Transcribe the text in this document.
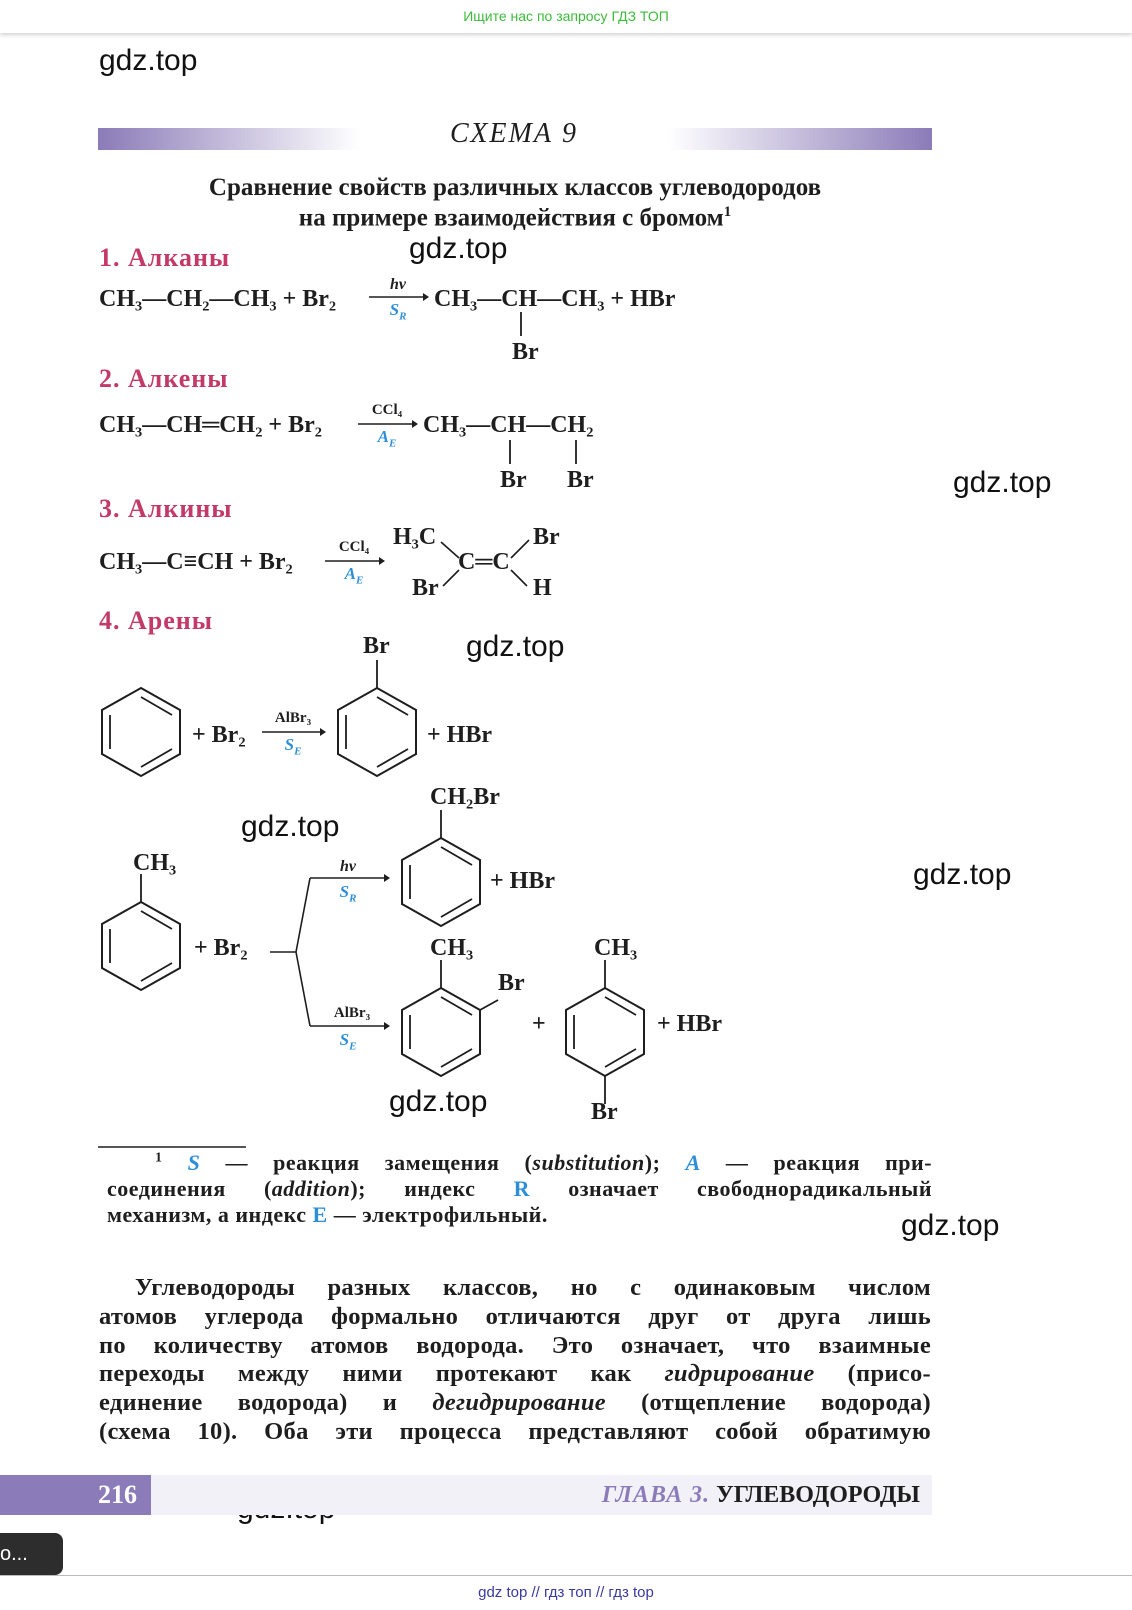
Ищите нас по запросу ГДЗ ТОП
gdz.top
gdz.top
gdz.top
gdz.top
gdz.top
gdz.top
gdz.top
gdz.top
СХЕМА 9
Сравнение свойств различных классов углеводородов
на примере взаимодействия с бромом$^1$
1. Алканы
2. Алкены
3. Алкины
4. Арены
CH₃—CH₂—CH₃ + Br₂
hν
$S_R$
CH₃—CH—CH₃ + HBr
Br
CH₃—CH═CH₂ + Br₂
CCl₄
$A_E$
CH₃—CH—CH₂
Br Br
CH₃—C≡CH + Br₂
CCl₄
$A_E$
H₃C	Br
C═C
Br	H
+ Br₂
AlBr₃
$S_E$
Br
+ HBr
CH₃
+ Br₂
hν
$S_R$
AlBr₃
$S_E$
CH₂Br
+ HBr
CH₃
Br
+
CH₃
Br
+ HBr
$^1$ S — реакция замещения (substitution); A — реакция при-
соединения (addition); индекс R означает свободнорадикальный
механизм, а индекс E — электрофильный.
Углеводороды разных классов, но с одинаковым числом
атомов углерода формально отличаются друг от друга лишь
по количеству атомов водорода. Это означает, что взаимные
переходы между ними протекают как гидрирование (присо-
единение водорода) и дегидрирование (отщепление водорода)
(схема 10). Оба эти процесса представляют собой обратимую
216	ГЛАВА 3. УГЛЕВОДОРОДЫ
о...
gdz top // гдз топ // гдз top
